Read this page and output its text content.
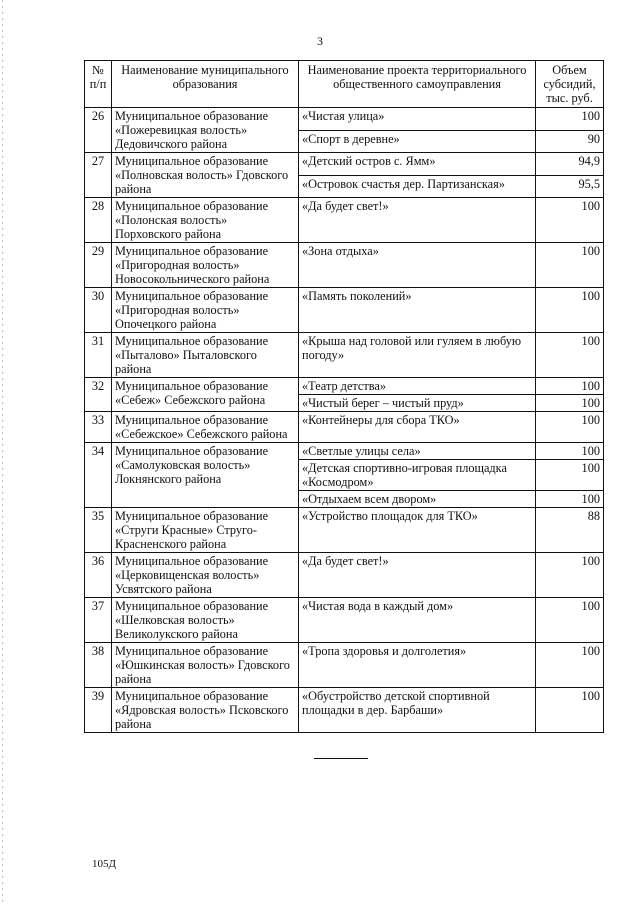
3
№ п/п	Наименование муниципального образования	Наименование проекта территориального общественного самоуправления	Объем субсидий, тыс. руб.
26	Муниципальное образование «Пожеревицкая волость» Дедовичского района	«Чистая улица»	100
		«Спорт в деревне»	90
27	Муниципальное образование «Полновская волость» Гдовского района	«Детский остров с. Ямм»	94,9
		«Островок счастья дер. Партизанская»	95,5
28	Муниципальное образование «Полонская волость» Порховского района	«Да будет свет!»	100
29	Муниципальное образование «Пригородная волость» Новосокольнического района	«Зона отдыха»	100
30	Муниципальное образование «Пригородная волость» Опочецкого района	«Память поколений»	100
31	Муниципальное образование «Пыталово» Пыталовского района	«Крыша над головой или гуляем в любую погоду»	100
32	Муниципальное образование «Себеж» Себежского района	«Театр детства»	100
		«Чистый берег – чистый пруд»	100
33	Муниципальное образование «Себежское» Себежского района	«Контейнеры для сбора ТКО»	100
34	Муниципальное образование «Самолуковская волость» Локнянского района	«Светлые улицы села»	100
		«Детская спортивно-игровая площадка «Космодром»	100
		«Отдыхаем всем двором»	100
35	Муниципальное образование «Струги Красные» Струго-Красненского района	«Устройство площадок для ТКО»	88
36	Муниципальное образование «Церковищенская волость» Усвятского района	«Да будет свет!»	100
37	Муниципальное образование «Шелковская волость» Великолукского района	«Чистая вода в каждый дом»	100
38	Муниципальное образование «Юшкинская волость» Гдовского района	«Тропа здоровья и долголетия»	100
39	Муниципальное образование «Ядровская волость» Псковского района	«Обустройство детской спортивной площадки в дер. Барбаши»	100
105Д
